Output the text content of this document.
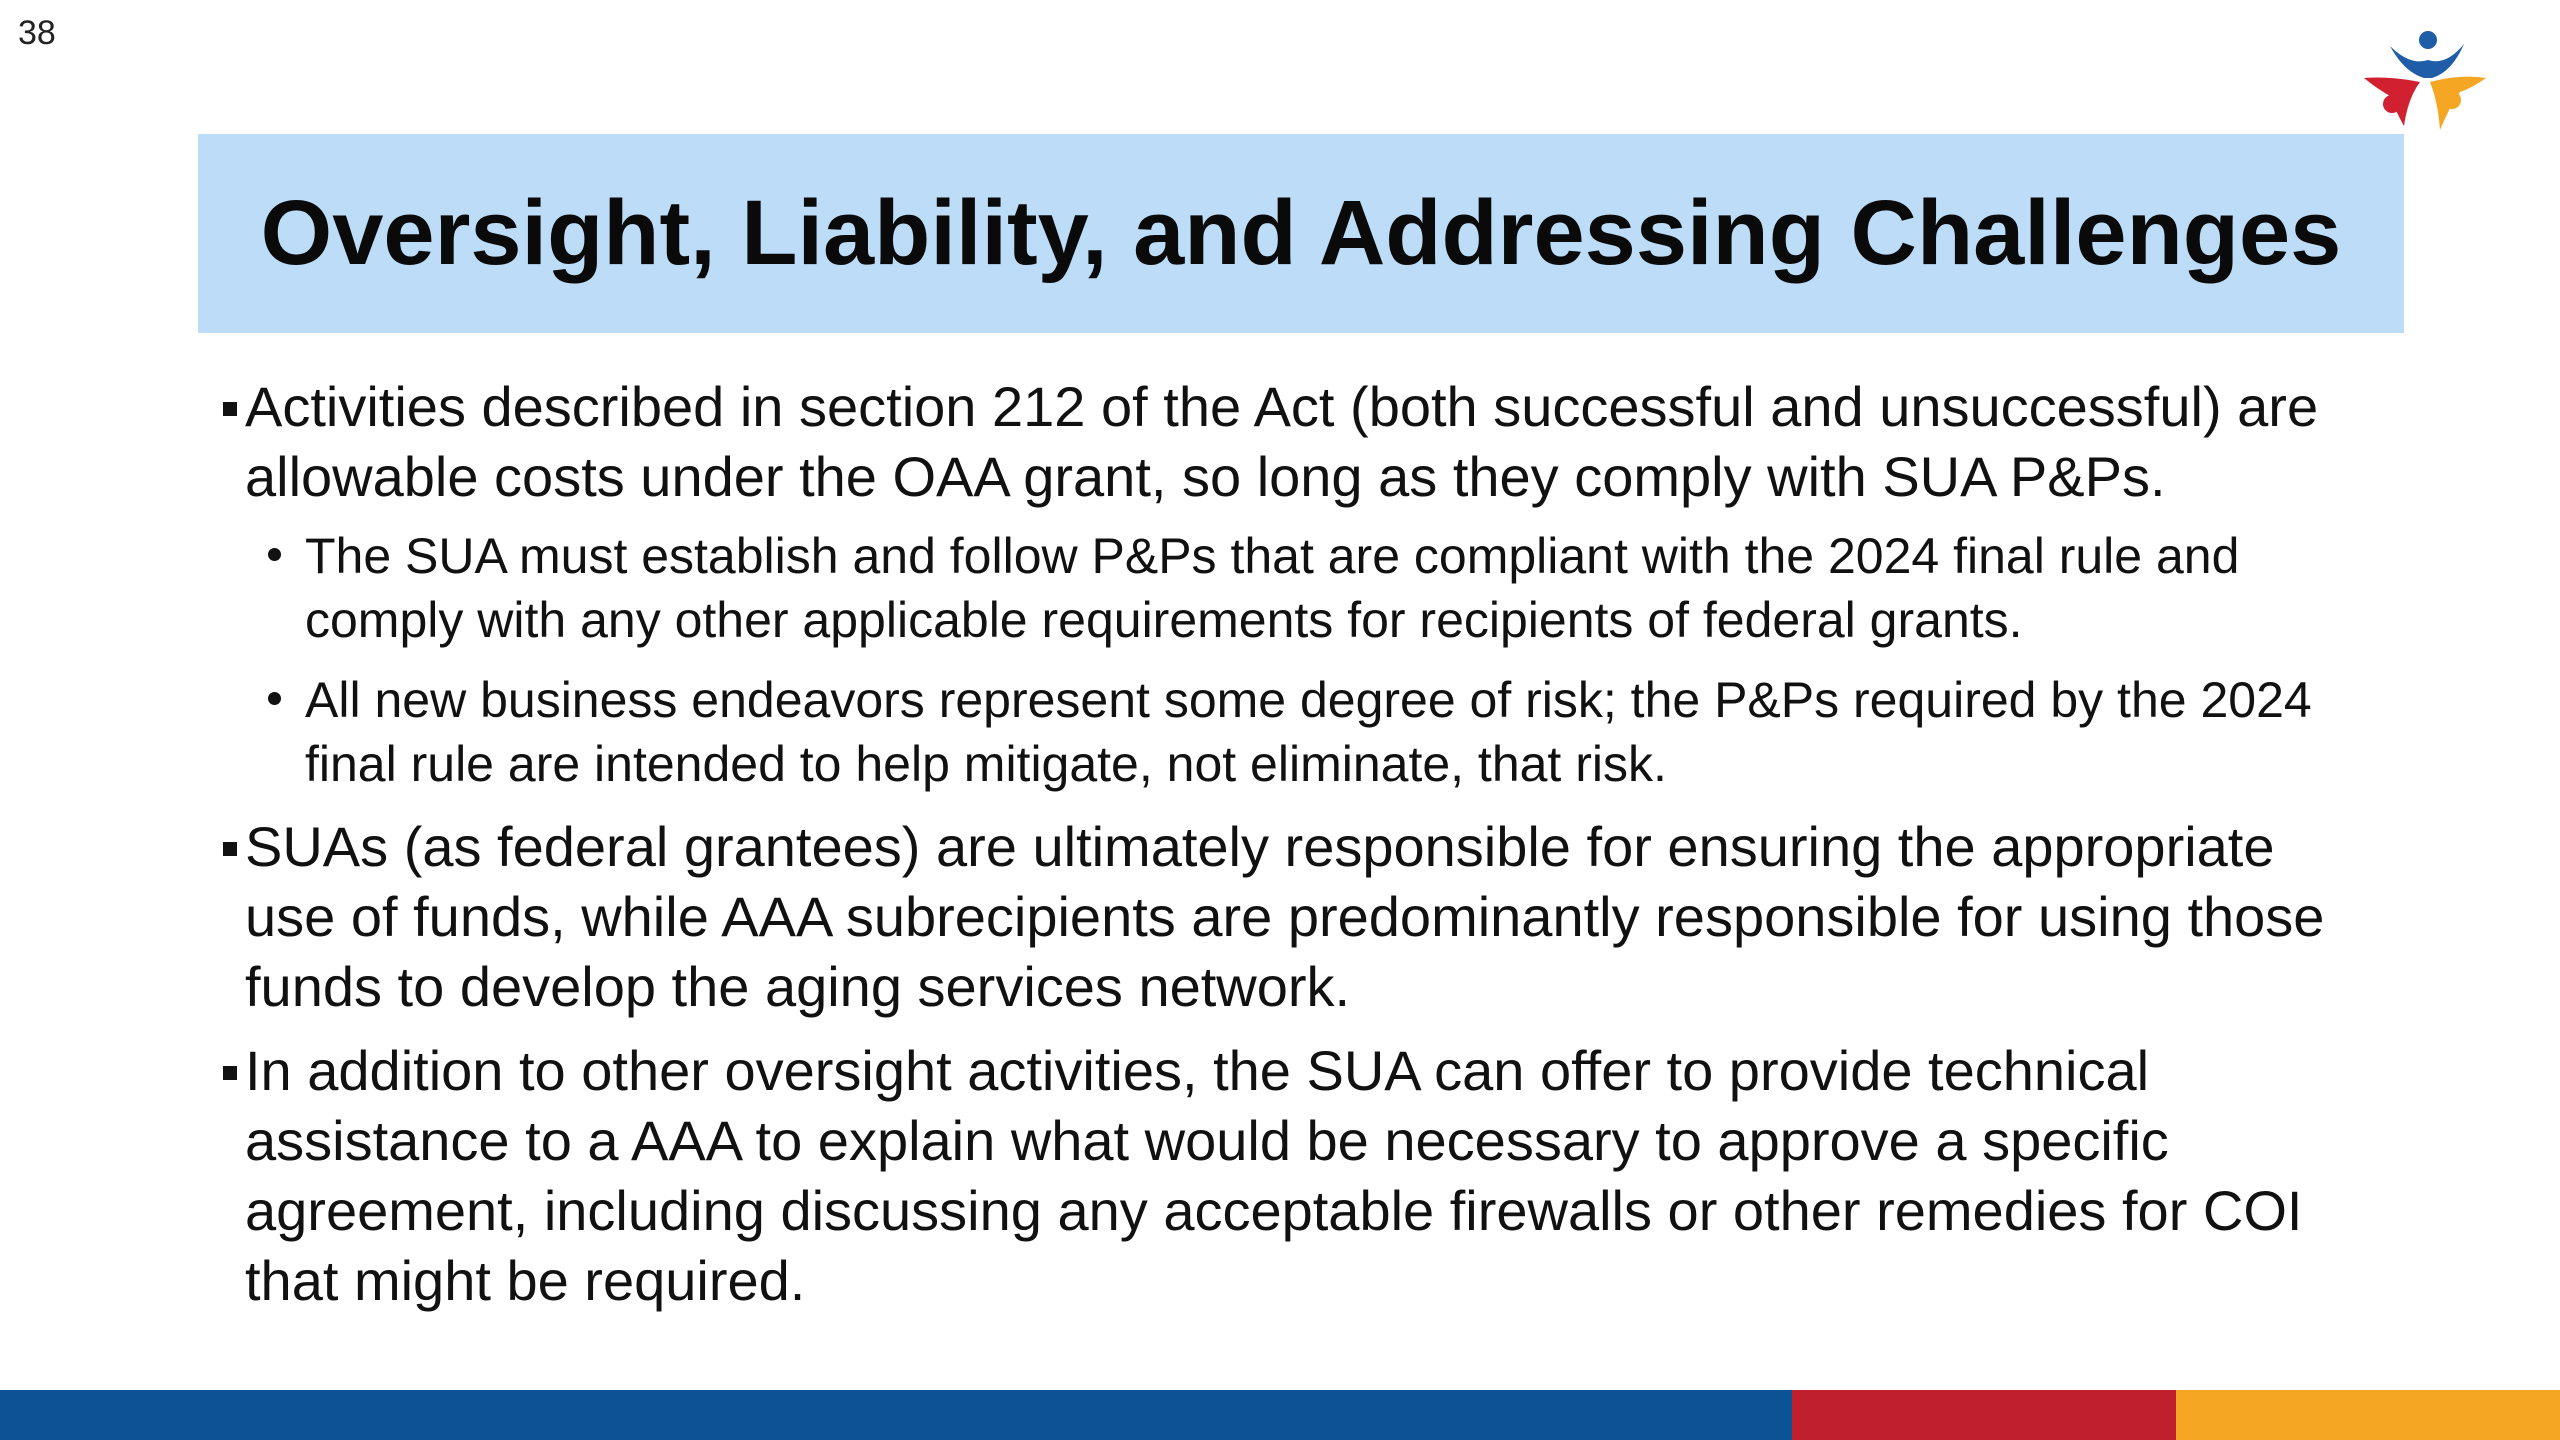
38
Oversight, Liability, and Addressing Challenges
Activities described in section 212 of the Act (both successful and unsuccessful) are allowable costs under the OAA grant, so long as they comply with SUA P&Ps.
The SUA must establish and follow P&Ps that are compliant with the 2024 final rule and comply with any other applicable requirements for recipients of federal grants.
All new business endeavors represent some degree of risk; the P&Ps required by the 2024 final rule are intended to help mitigate, not eliminate, that risk.
SUAs (as federal grantees) are ultimately responsible for ensuring the appropriate use of funds, while AAA subrecipients are predominantly responsible for using those funds to develop the aging services network.
In addition to other oversight activities, the SUA can offer to provide technical assistance to a AAA to explain what would be necessary to approve a specific agreement, including discussing any acceptable firewalls or other remedies for COI that might be required.
